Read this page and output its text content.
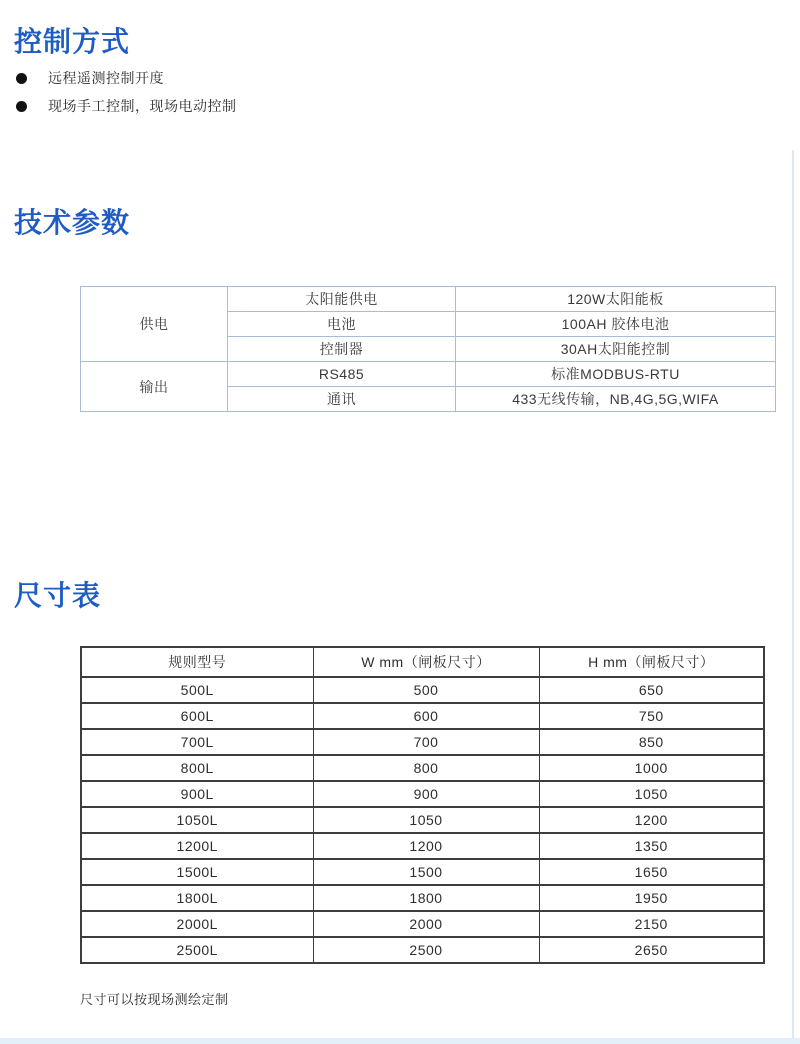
控制方式
远程遥测控制开度
现场手工控制，现场电动控制
技术参数
供电	太阳能供电	120W太阳能板
	电池	100AH 胶体电池
	控制器	30AH太阳能控制
输出	RS485	标准MODBUS-RTU
	通讯	433无线传输，NB,4G,5G,WIFA
尺寸表
规则型号	W mm（闸板尺寸）	H mm（闸板尺寸）
500L	500	650
600L	600	750
700L	700	850
800L	800	1000
900L	900	1050
1050L	1050	1200
1200L	1200	1350
1500L	1500	1650
1800L	1800	1950
2000L	2000	2150
2500L	2500	2650
尺寸可以按现场测绘定制
